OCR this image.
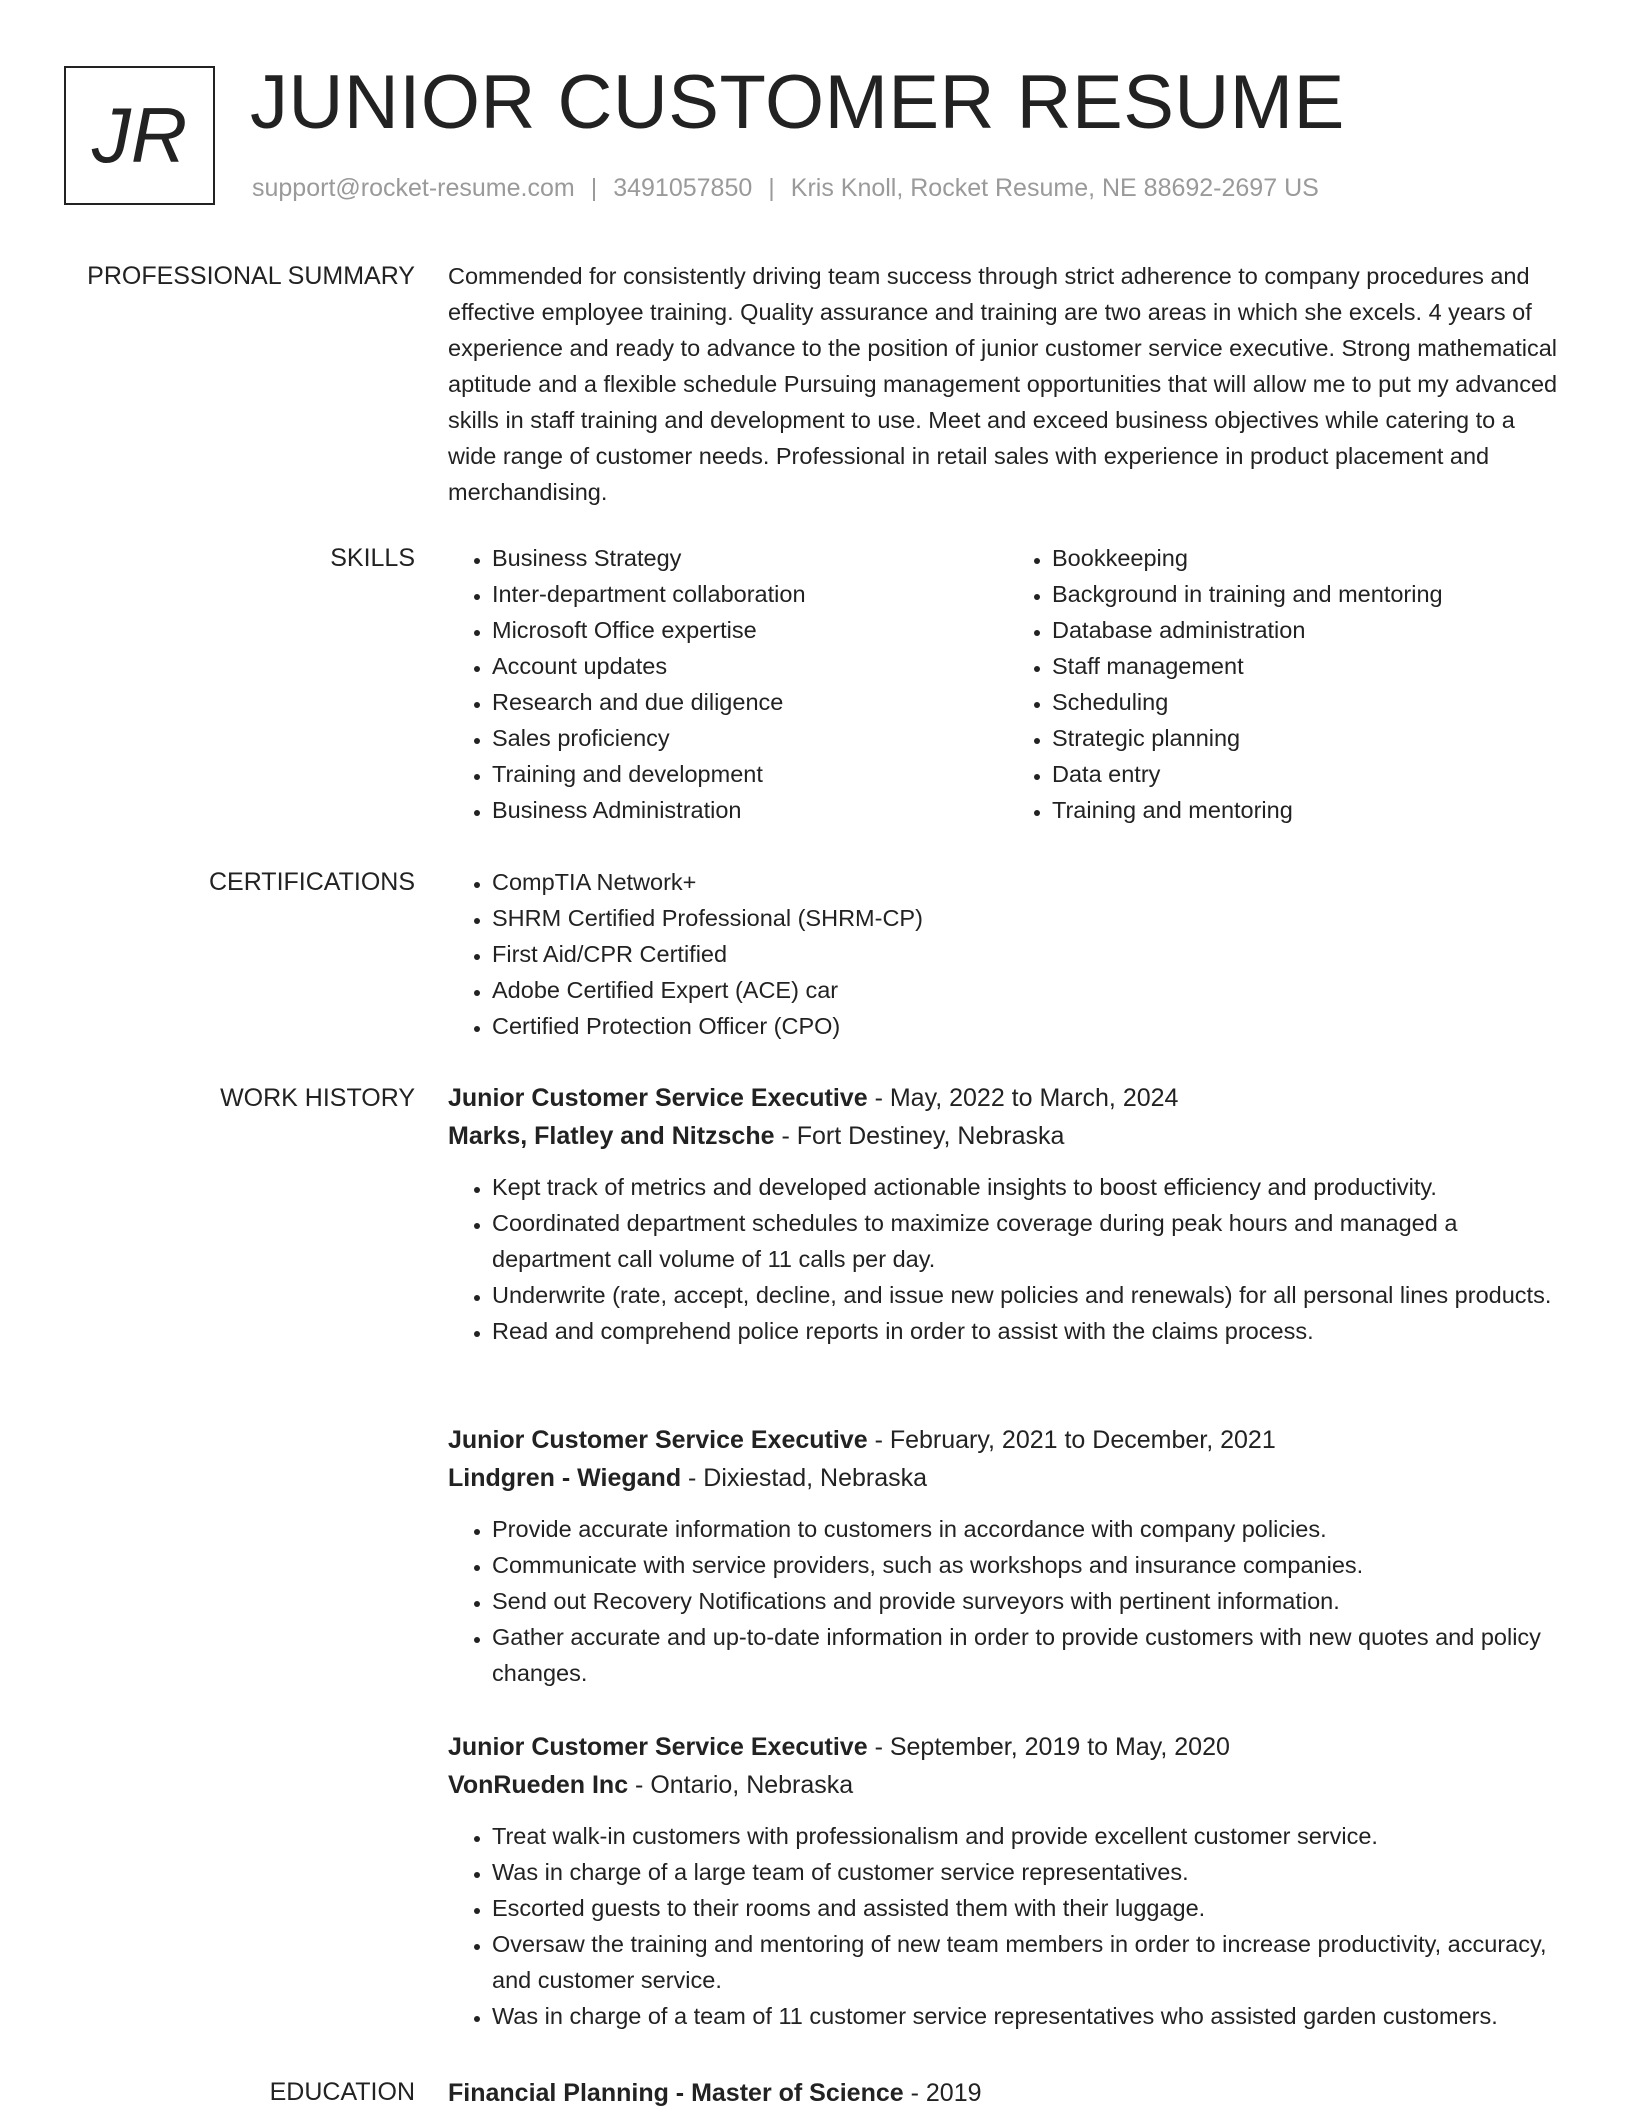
JR JUNIOR CUSTOMER RESUME
support@rocket-resume.com | 3491057850 | Kris Knoll, Rocket Resume, NE 88692-2697 US
PROFESSIONAL SUMMARY Commended for consistently driving team success through strict adherence to company procedures and effective employee training. Quality assurance and training are two areas in which she excels. 4 years of experience and ready to advance to the position of junior customer service executive. Strong mathematical aptitude and a flexible schedule Pursuing management opportunities that will allow me to put my advanced skills in staff training and development to use. Meet and exceed business objectives while catering to a wide range of customer needs. Professional in retail sales with experience in product placement and merchandising.

SKILLS	• Business Strategy
• Inter-department collaboration
• Microsoft Office expertise
• Account updates
• Research and due diligence
• Sales proficiency
• Training and development
• Business Administration
• Bookkeeping
• Background in training and mentoring
• Database administration
• Staff management
• Scheduling
• Strategic planning
• Data entry
• Training and mentoring
CERTIFICATIONS	• CompTIA Network+
• SHRM Certified Professional (SHRM-CP)
• First Aid/CPR Certified
• Adobe Certified Expert (ACE) car
• Certified Protection Officer (CPO)
WORK HISTORY Junior Customer Service Executive - May, 2022 to March, 2024
Marks, Flatley and Nitzsche - Fort Destiney, Nebraska
• Kept track of metrics and developed actionable insights to boost efficiency and productivity.
• Coordinated department schedules to maximize coverage during peak hours and managed a department call volume of 11 calls per day.
• Underwrite (rate, accept, decline, and issue new policies and renewals) for all personal lines products.
• Read and comprehend police reports in order to assist with the claims process.
Junior Customer Service Executive - February, 2021 to December, 2021
Lindgren - Wiegand - Dixiestad, Nebraska
• Provide accurate information to customers in accordance with company policies.
• Communicate with service providers, such as workshops and insurance companies.
• Send out Recovery Notifications and provide surveyors with pertinent information.
• Gather accurate and up-to-date information in order to provide customers with new quotes and policy changes.
Junior Customer Service Executive - September, 2019 to May, 2020
VonRueden Inc - Ontario, Nebraska
• Treat walk-in customers with professionalism and provide excellent customer service.
• Was in charge of a large team of customer service representatives.
• Escorted guests to their rooms and assisted them with their luggage.
• Oversaw the training and mentoring of new team members in order to increase productivity, accuracy, and customer service.
• Was in charge of a team of 11 customer service representatives who assisted garden customers.
EDUCATION Financial Planning - Master of Science - 2019
